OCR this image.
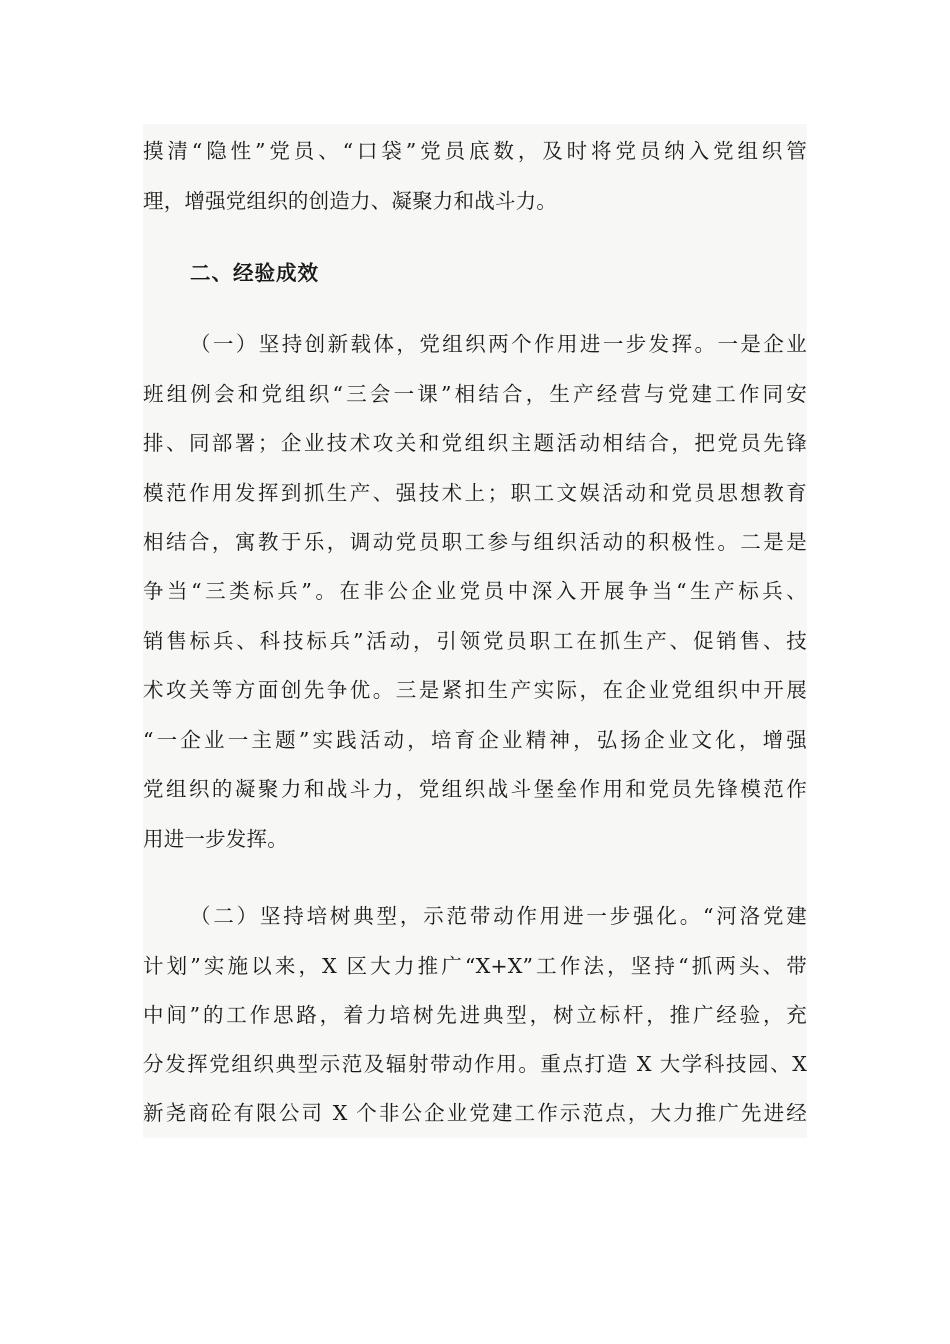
摸清“隐性”党员、“口袋”党员底数，及时将党员纳入党组织管
理，增强党组织的创造力、凝聚力和战斗力。
二、经验成效
（一）坚持创新载体，党组织两个作用进一步发挥。一是企业
班组例会和党组织“三会一课”相结合，生产经营与党建工作同安
排、同部署；企业技术攻关和党组织主题活动相结合，把党员先锋
模范作用发挥到抓生产、强技术上；职工文娱活动和党员思想教育
相结合，寓教于乐，调动党员职工参与组织活动的积极性。二是是
争当“三类标兵”。在非公企业党员中深入开展争当“生产标兵、
销售标兵、科技标兵”活动，引领党员职工在抓生产、促销售、技
术攻关等方面创先争优。三是紧扣生产实际，在企业党组织中开展
“一企业一主题”实践活动，培育企业精神，弘扬企业文化，增强
党组织的凝聚力和战斗力，党组织战斗堡垒作用和党员先锋模范作
用进一步发挥。
（二）坚持培树典型，示范带动作用进一步强化。“河洛党建
计划”实施以来，X 区大力推广“X+X”工作法，坚持“抓两头、带
中间”的工作思路，着力培树先进典型，树立标杆，推广经验，充
分发挥党组织典型示范及辐射带动作用。重点打造 X 大学科技园、X
新尧商砼有限公司 X 个非公企业党建工作示范点，大力推广先进经
